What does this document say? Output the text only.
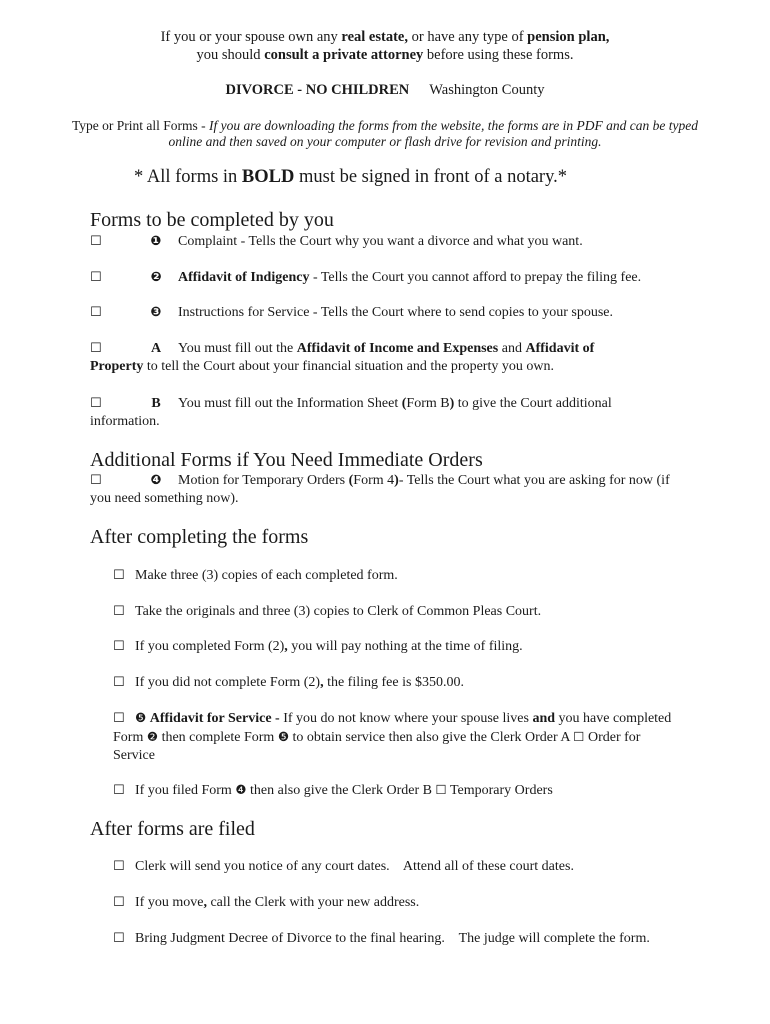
If you or your spouse own any real estate, or have any type of pension plan,
you should consult a private attorney before using these forms.
DIVORCE - NO CHILDREN Washington County
Type or Print all Forms - If you are downloading the forms from the website, the forms are in PDF and can be typed online and then saved on your computer or flash drive for revision and printing.
* All forms in BOLD must be signed in front of a notary.*
Forms to be completed by you
☐	❶ Complaint - Tells the Court why you want a divorce and what you want.
☐	❷ Affidavit of Indigency - Tells the Court you cannot afford to prepay the filing fee.
☐	❸ Instructions for Service - Tells the Court where to send copies to your spouse.
☐	A You must fill out the Affidavit of Income and Expenses and Affidavit of Property to tell the Court about your financial situation and the property you own.
☐	B You must fill out the Information Sheet (Form B) to give the Court additional information.
Additional Forms if You Need Immediate Orders
☐	❹ Motion for Temporary Orders (Form 4)- Tells the Court what you are asking for now (if you need something now).
After completing the forms
☐ Make three (3) copies of each completed form.
☐ Take the originals and three (3) copies to Clerk of Common Pleas Court.
☐ If you completed Form (2), you will pay nothing at the time of filing.
☐ If you did not complete Form (2), the filing fee is $350.00.
☐ ❺ Affidavit for Service - If you do not know where your spouse lives and you have completed Form ❷ then complete Form ❺ to obtain service then also give the Clerk Order A ☐ Order for Service
☐ If you filed Form ❹ then also give the Clerk Order B ☐ Temporary Orders
After forms are filed
☐ Clerk will send you notice of any court dates.    Attend all of these court dates.
☐ If you move, call the Clerk with your new address.
☐ Bring Judgment Decree of Divorce to the final hearing.    The judge will complete the form.
